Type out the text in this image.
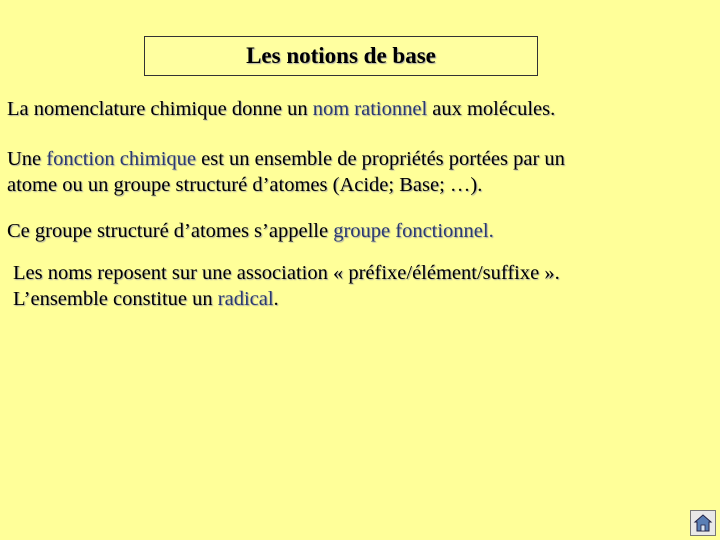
Les notions de base
La nomenclature chimique donne un nom rationnel aux molécules.
Une fonction chimique est un ensemble de propriétés portées par un
atome ou un groupe structuré d’atomes (Acide; Base; …).
Ce groupe structuré d’atomes s’appelle groupe fonctionnel.
Les noms reposent sur une association « préfixe/élément/suffixe ».
L’ensemble constitue un radical.
